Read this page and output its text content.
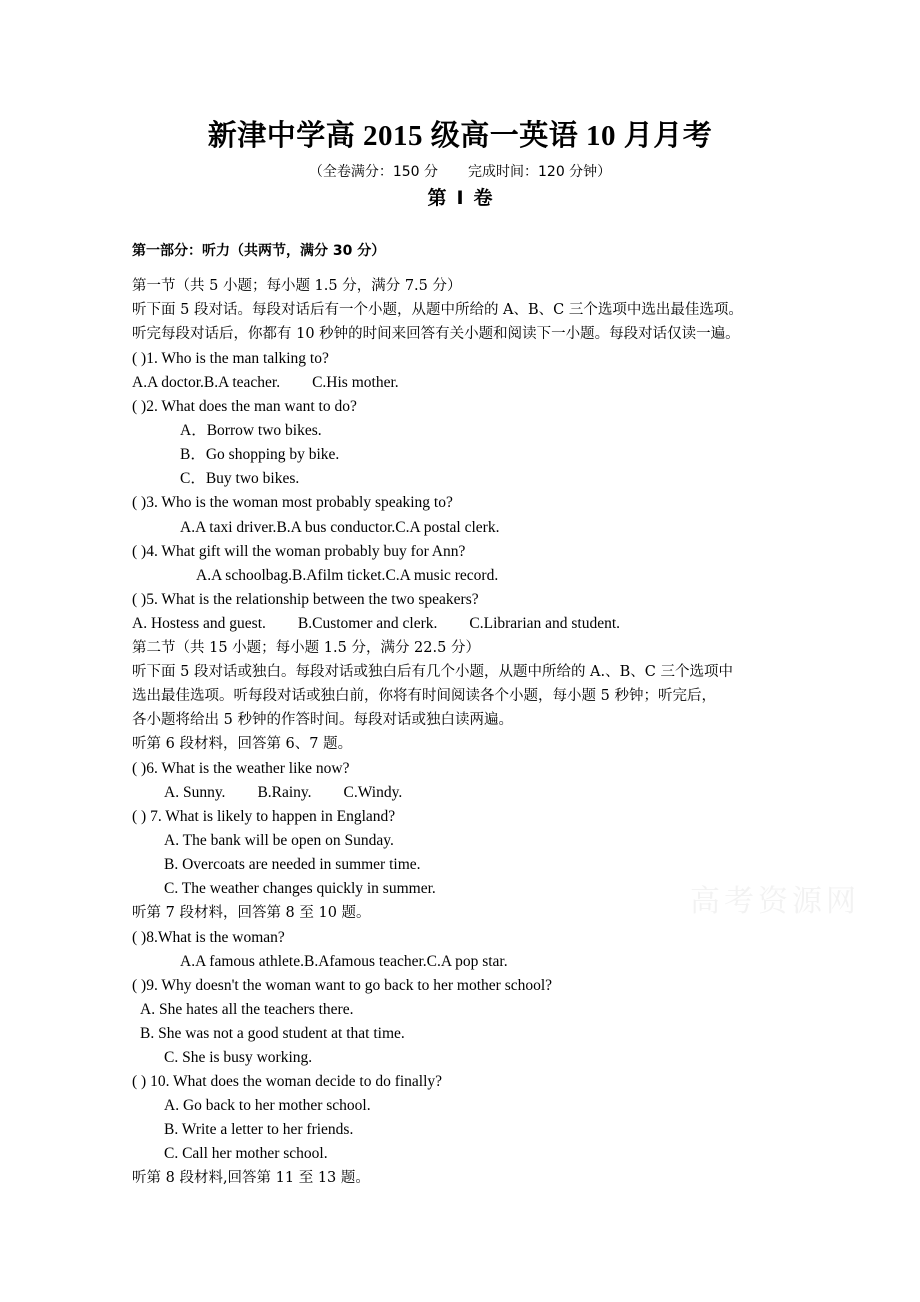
新津中学高 2015 级高一英语 10 月月考
（全卷满分：150 分 完成时间：120 分钟）
第 Ⅰ 卷
第一部分：听力（共两节，满分 30 分）
第一节（共 5 小题；每小题 1.5 分，满分 7.5 分）
听下面 5 段对话。每段对话后有一个小题，从题中所给的 A、B、C 三个选项中选出最佳选项。
听完每段对话后，你都有 10 秒钟的时间来回答有关小题和阅读下一小题。每段对话仅读一遍。
( )1. Who is the man talking to?
A.A doctor.B.A teacher. C.His mother.
( )2. What does the man want to do?
A．Borrow two bikes.
B．Go shopping by bike.
C．Buy two bikes.
( )3. Who is the woman most probably speaking to?
A.A taxi driver.B.A bus conductor.C.A postal clerk.
( )4. What gift will the woman probably buy for Ann?
A.A schoolbag.B.Afilm ticket.C.A music record.
( )5. What is the relationship between the two speakers?
A. Hostess and guest. B.Customer and clerk. C.Librarian and student.
第二节（共 15 小题；每小题 1.5 分，满分 22.5 分）
听下面 5 段对话或独白。每段对话或独白后有几个小题，从题中所给的 A.、B、C 三个选项中
选出最佳选项。听每段对话或独白前，你将有时间阅读各个小题，每小题 5 秒钟；听完后，
各小题将给出 5 秒钟的作答时间。每段对话或独白读两遍。
听第 6 段材料，回答第 6、7 题。
( )6. What is the weather like now?
A. Sunny. B.Rainy. C.Windy.
( ) 7. What is likely to happen in England?
A. The bank will be open on Sunday.
B. Overcoats are needed in summer time.
C. The weather changes quickly in summer.
听第 7 段材料，回答第 8 至 10 题。
( )8.What is the woman?
A.A famous athlete.B.Afamous teacher.C.A pop star.
( )9. Why doesn't the woman want to go back to her mother school?
A. She hates all the teachers there.
B. She was not a good student at that time.
C. She is busy working.
( ) 10. What does the woman decide to do finally?
A. Go back to her mother school.
B. Write a letter to her friends.
C. Call her mother school.
听第 8 段材料,回答第 11 至 13 题。
高考资源网
